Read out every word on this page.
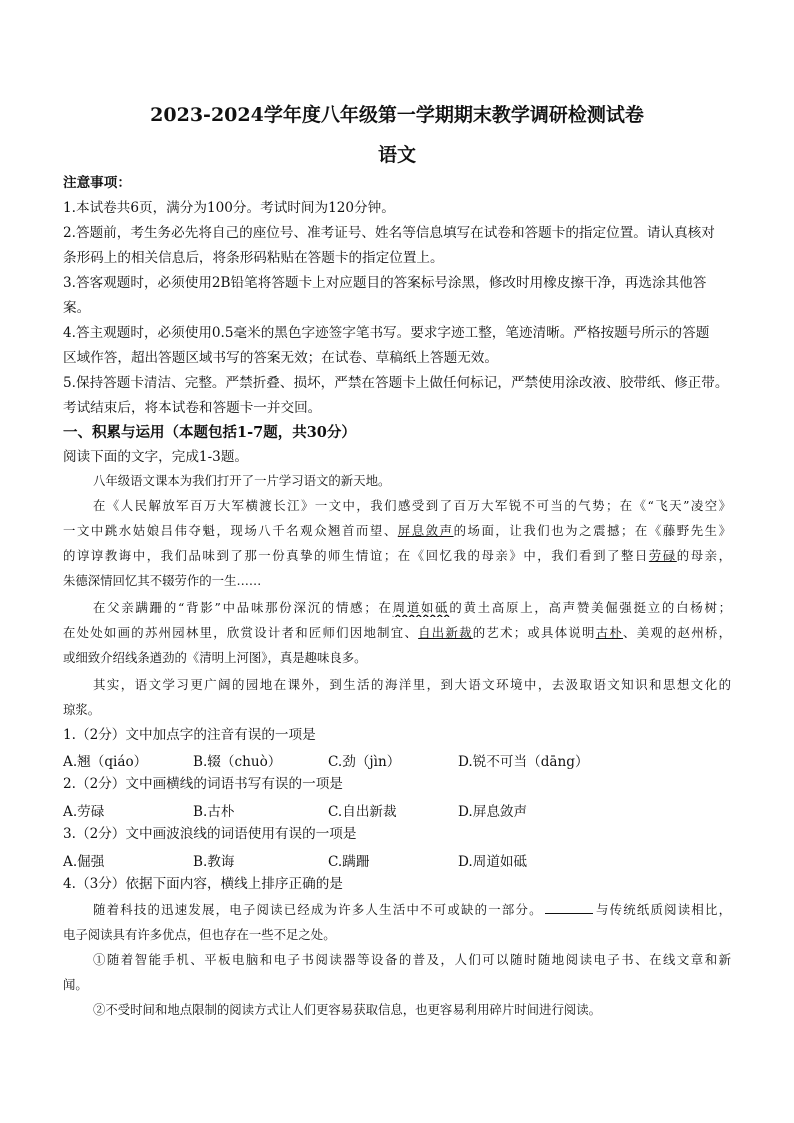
2023-2024学年度八年级第一学期期末教学调研检测试卷
语文
注意事项：
1.本试卷共6页，满分为100分。考试时间为120分钟。
2.答题前，考生务必先将自己的座位号、准考证号、姓名等信息填写在试卷和答题卡的指定位置。请认真核对
条形码上的相关信息后，将条形码粘贴在答题卡的指定位置上。
3.答客观题时，必须使用2B铅笔将答题卡上对应题目的答案标号涂黑，修改时用橡皮擦干净，再选涂其他答
案。
4.答主观题时，必须使用0.5毫米的黑色字迹签字笔书写。要求字迹工整，笔迹清晰。严格按题号所示的答题
区域作答，超出答题区域书写的答案无效；在试卷、草稿纸上答题无效。
5.保持答题卡清洁、完整。严禁折叠、损坏，严禁在答题卡上做任何标记，严禁使用涂改液、胶带纸、修正带。
考试结束后，将本试卷和答题卡一并交回。
一、积累与运用（本题包括1-7题，共30分）
阅读下面的文字，完成1-3题。
八年级语文课本为我们打开了一片学习语文的新天地。
在《人民解放军百万大军横渡长江》一文中，我们感受到了百万大军锐不可当的气势；在《“飞天”凌空》
一文中跳水姑娘吕伟夺魁，现场八千名观众翘首而望、屏息敛声的场面，让我们也为之震撼；在《藤野先生》
的谆谆教诲中，我们品味到了那一份真挚的师生情谊；在《回忆我的母亲》中，我们看到了整日劳碌的母亲，
朱德深情回忆其不辍劳作的一生……
在父亲蹒跚的“背影”中品味那份深沉的情感；在周道如砥的黄土高原上，高声赞美倔强挺立的白杨树；
在处处如画的苏州园林里，欣赏设计者和匠师们因地制宜、自出新裁的艺术；或具体说明古朴、美观的赵州桥，
或细致介绍线条遒劲的《清明上河图》，真是趣味良多。
其实，语文学习更广阔的园地在课外，到生活的海洋里，到大语文环境中，去汲取语文知识和思想文化的
琼浆。
1.（2分）文中加点字的注音有误的一项是
A.翘（qiáo）	B.辍（chuò）	C.劲（jìn）	D.锐不可当（dāng）
2.（2分）文中画横线的词语书写有误的一项是
A.劳碌	B.古朴	C.自出新裁	D.屏息敛声
3.（2分）文中画波浪线的词语使用有误的一项是
A.倔强	B.教诲	C.蹒跚	D.周道如砥
4.（3分）依据下面内容，横线上排序正确的是
随着科技的迅速发展，电子阅读已经成为许多人生活中不可或缺的一部分。	与传统纸质阅读相比，
电子阅读具有许多优点，但也存在一些不足之处。
①随着智能手机、平板电脑和电子书阅读器等设备的普及，人们可以随时随地阅读电子书、在线文章和新
闻。
②不受时间和地点限制的阅读方式让人们更容易获取信息，也更容易利用碎片时间进行阅读。
